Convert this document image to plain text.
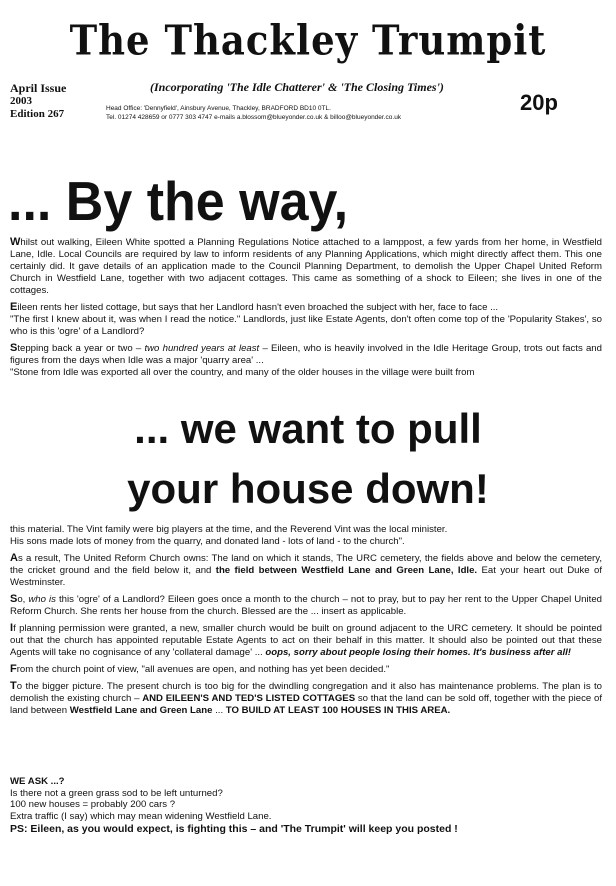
The Thackley Trumpit
April Issue
2003
Edition 267
(Incorporating 'The Idle Chatterer' & 'The Closing Times')
Head Office: 'Dennyfield', Ainsbury Avenue, Thackley, BRADFORD BD10 0TL.
Tel. 01274 428659 or 0777 303 4747 e-mails a.blossom@blueyonder.co.uk & billoo@blueyonder.co.uk
20p
... By the way,

Whilst out walking, Eileen White spotted a Planning Regulations Notice attached to a lamppost, a few yards from her home, in Westfield Lane, Idle. Local Councils are required by law to inform residents of any Planning Applications, which might directly affect them. This one certainly did. It gave details of an application made to the Council Planning Department, to demolish the Upper Chapel United Reform Church in Westfield Lane, together with two adjacent cottages. This came as something of a shock to Eileen; she lives in one of the cottages.

Eileen rents her listed cottage, but says that her Landlord hasn't even broached the subject with her, face to face ...

"The first I knew about it, was when I read the notice." Landlords, just like Estate Agents, don't often come top of the 'Popularity Stakes', so who is this 'ogre' of a Landlord?

Stepping back a year or two – two hundred years at least – Eileen, who is heavily involved in the Idle Heritage Group, trots out facts and figures from the days when Idle was a major 'quarry area' ...

"Stone from Idle was exported all over the country, and many of the older houses in the village were built from

... we want to pull
your house down!

this material. The Vint family were big players at the time, and the Reverend Vint was the local minister.

His sons made lots of money from the quarry, and donated land - lots of land - to the church".

As a result, The United Reform Church owns: The land on which it stands, The URC cemetery, the fields above and below the cemetery, the cricket ground and the field below it, and the field between Westfield Lane and Green Lane, Idle. Eat your heart out Duke of Westminster.

So, who is this 'ogre' of a Landlord? Eileen goes once a month to the church – not to pray, but to pay her rent to the Upper Chapel United Reform Church. She rents her house from the church. Blessed are the ... insert as applicable.

If planning permission were granted, a new, smaller church would be built on ground adjacent to the URC cemetery. It should be pointed out that the church has appointed reputable Estate Agents to act on their behalf in this matter. It should also be pointed out that these Agents will take no cognisance of any 'collateral damage' ... oops, sorry about people losing their homes. It's business after all!

From the church point of view, "all avenues are open, and nothing has yet been decided."

To the bigger picture. The present church is too big for the dwindling congregation and it also has maintenance problems. The plan is to demolish the existing church – AND EILEEN'S AND TED'S LISTED COTTAGES so that the land can be sold off, together with the piece of land between Westfield Lane and Green Lane ... TO BUILD AT LEAST 100 HOUSES IN THIS AREA.

WE ASK ...?
Is there not a green grass sod to be left unturned?
100 new houses = probably 200 cars ?
Extra traffic (I say) which may mean widening Westfield Lane.
PS: Eileen, as you would expect, is fighting this – and 'The Trumpit' will keep you posted !
